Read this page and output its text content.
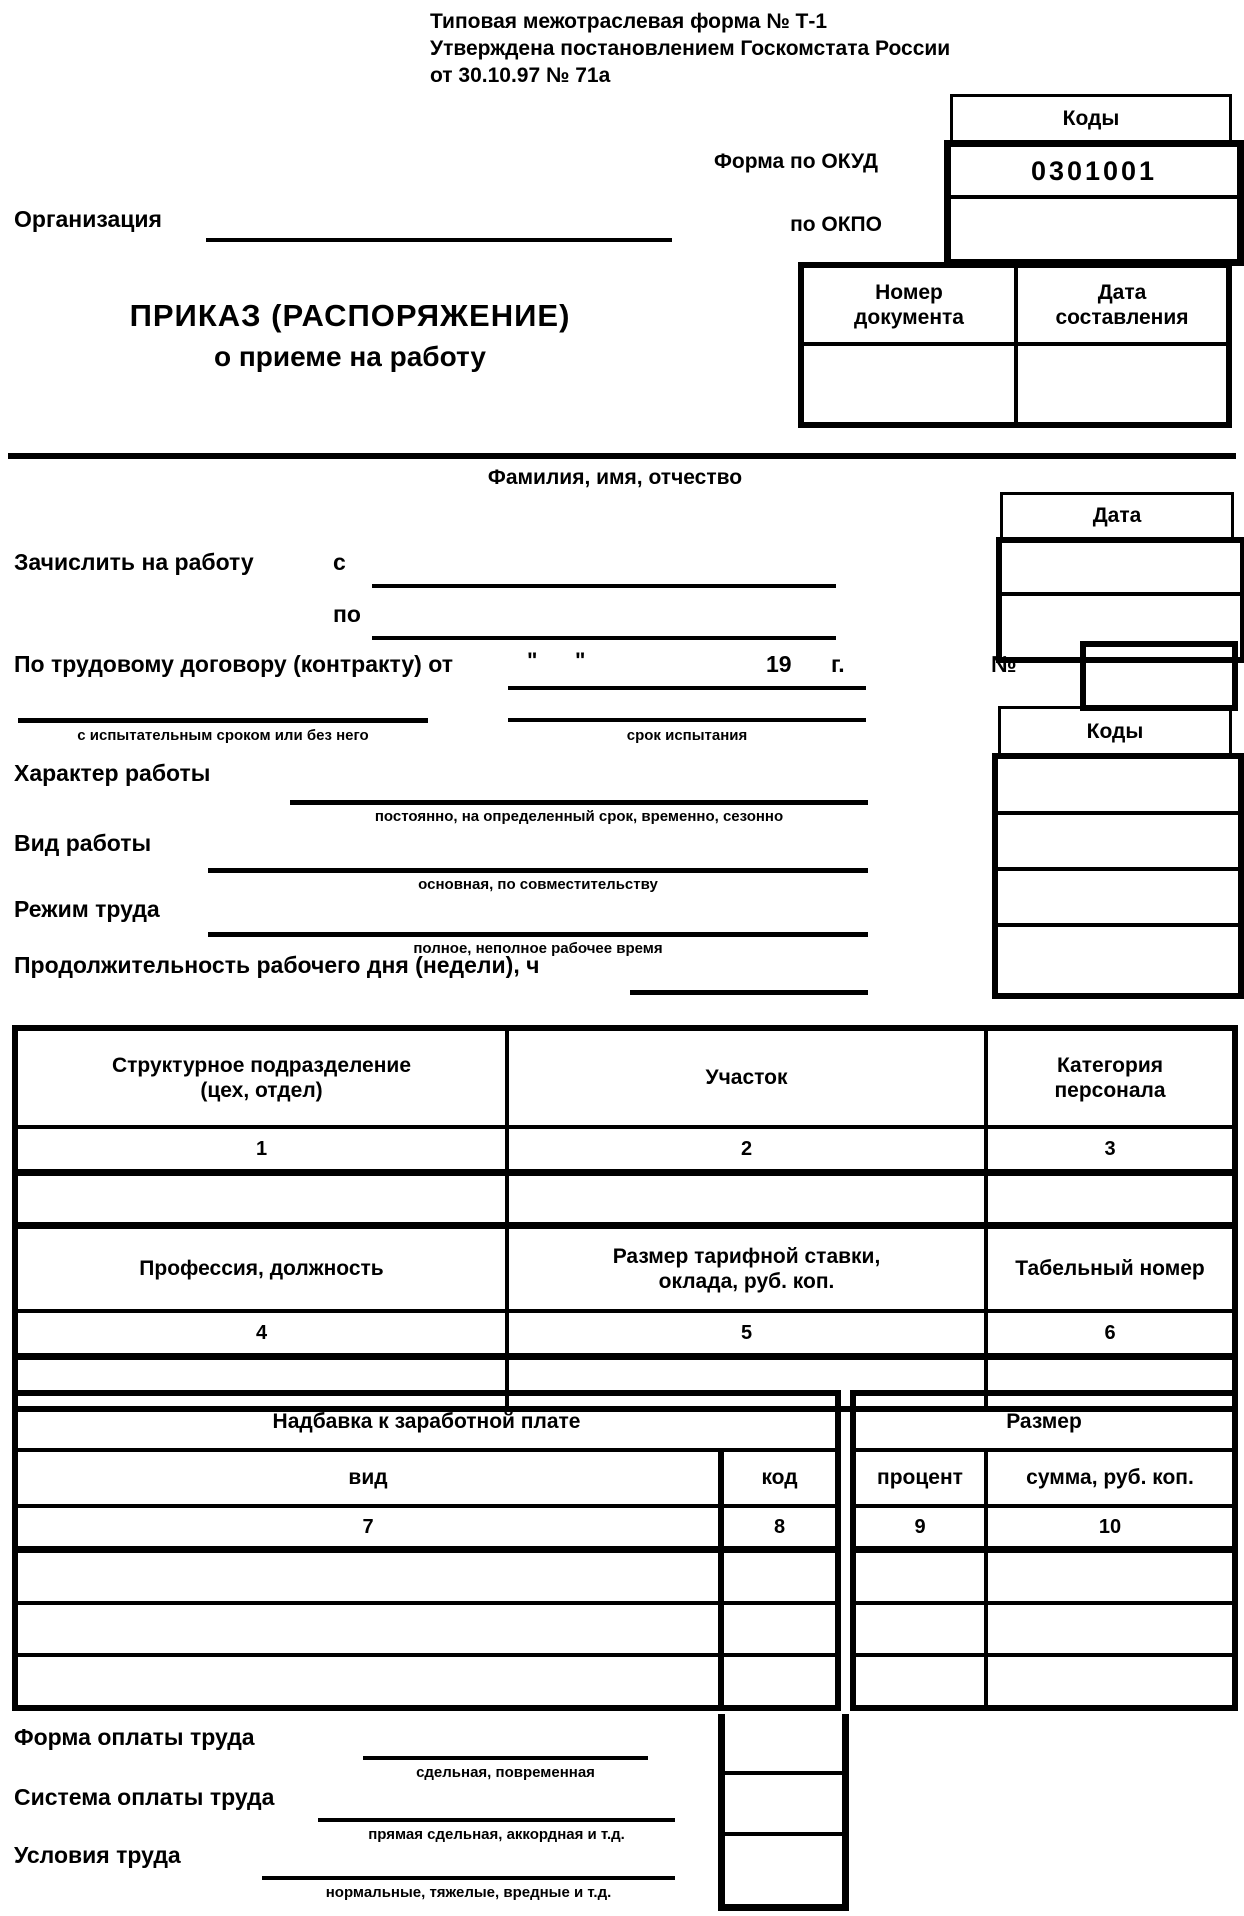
Типовая межотраслевая форма № Т-1
Утверждена постановлением Госкомстата России
от 30.10.97 № 71а
Коды
0301001
Форма по ОКУД
по ОКПО
Организация
ПРИКАЗ (РАСПОРЯЖЕНИЕ)
о приеме на работу
Номер документа	Дата составления

Фамилия, имя, отчество
Дата
Зачислить на работу	с
по
По трудовому договору (контракту) от	" "	19 г.	№
с испытательным сроком или без него	срок испытания
Характер работы
постоянно, на определенный срок, временно, сезонно
Вид работы
основная, по совместительству
Режим труда
полное, неполное рабочее время
Продолжительность рабочего дня (недели), ч
Коды
Структурное подразделение (цех, отдел)	Участок	Категория персонала
1	2	3

Профессия, должность	Размер тарифной ставки, оклада, руб. коп.	Табельный номер
4	5	6

Надбавка к заработной плате	
вид	код
7	8

Размер	
процент	сумма, руб. коп.
9	10

Форма оплаты труда
сдельная, повременная
Система оплаты труда
прямая сдельная, аккордная и т.д.
Условия труда
нормальные, тяжелые, вредные и т.д.
